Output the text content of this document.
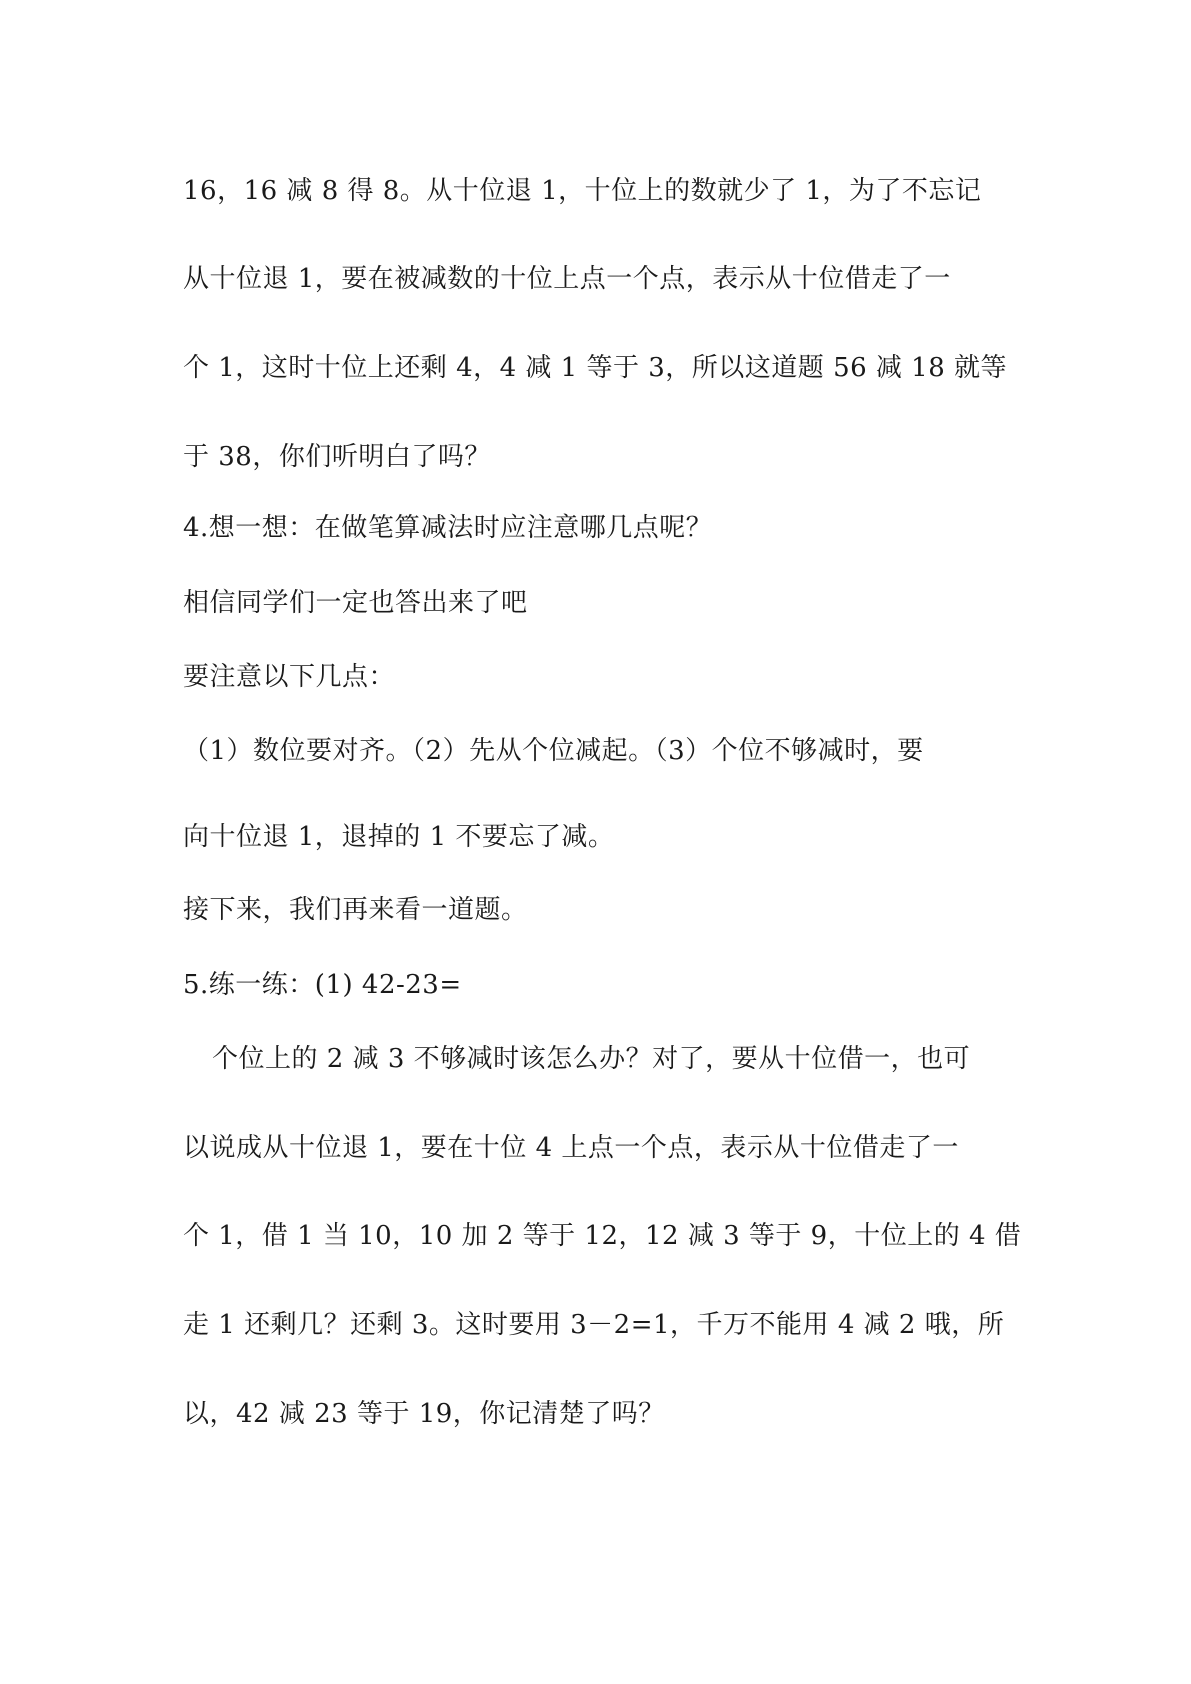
16，16 减 8 得 8。从十位退 1，十位上的数就少了 1，为了不忘记
从十位退 1，要在被减数的十位上点一个点，表示从十位借走了一
个 1，这时十位上还剩 4，4 减 1 等于 3，所以这道题 56 减 18 就等
于 38，你们听明白了吗？
4.想一想：在做笔算减法时应注意哪几点呢？
相信同学们一定也答出来了吧
要注意以下几点：
（1）数位要对齐。（2）先从个位减起。（3）个位不够减时，要
向十位退 1，退掉的 1 不要忘了减。
接下来，我们再来看一道题。
5.练一练：(1) 42-23=
个位上的 2 减 3 不够减时该怎么办？对了，要从十位借一，也可
以说成从十位退 1，要在十位 4 上点一个点，表示从十位借走了一
个 1，借 1 当 10，10 加 2 等于 12，12 减 3 等于 9，十位上的 4 借
走 1 还剩几？还剩 3。这时要用 3－2=1，千万不能用 4 减 2 哦，所
以，42 减 23 等于 19，你记清楚了吗？
